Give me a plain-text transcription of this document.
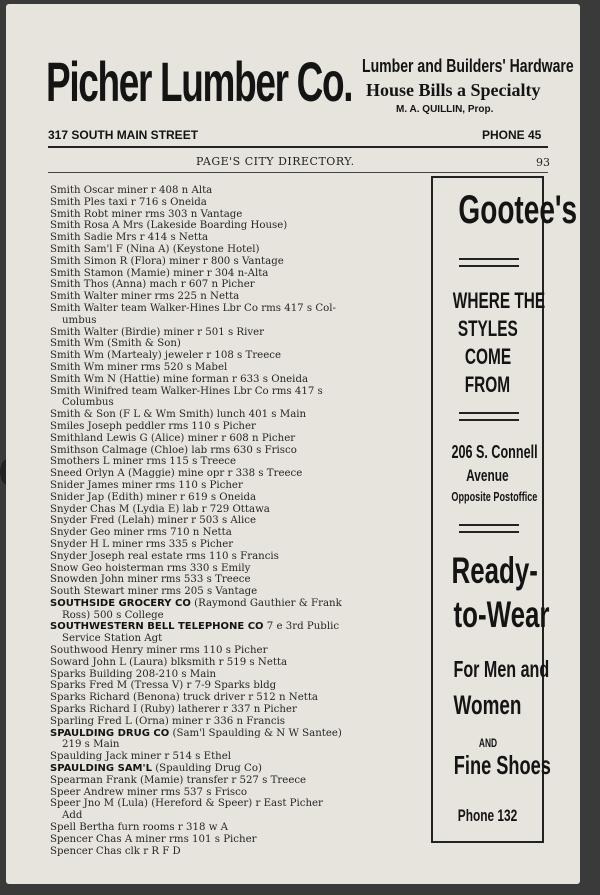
Picher Lumber Co. Lumber and Builders' Hardware
House Bills a Specialty
M. A. QUILLIN, Prop.
317 SOUTH MAIN STREET	PHONE 45
PAGE'S CITY DIRECTORY.	93
Smith Oscar miner r 408 n Alta
Smith Ples taxi r 716 s Oneida
Smith Robt miner rms 303 n Vantage
Smith Rosa A Mrs (Lakeside Boarding House)
Smith Sadie Mrs r 414 s Netta
Smith Sam'l F (Nina A) (Keystone Hotel)
Smith Simon R (Flora) miner r 800 s Vantage
Smith Stamon (Mamie) miner r 304 n-Alta
Smith Thos (Anna) mach r 607 n Picher
Smith Walter miner rms 225 n Netta
Smith Walter team Walker-Hines Lbr Co rms 417 s Col-
umbus
Smith Walter (Birdie) miner r 501 s River
Smith Wm (Smith & Son)
Smith Wm (Martealy) jeweler r 108 s Treece
Smith Wm miner rms 520 s Mabel
Smith Wm N (Hattie) mine forman r 633 s Oneida
Smith Winifred team Walker-Hines Lbr Co rms 417 s
Columbus
Smith & Son (F L & Wm Smith) lunch 401 s Main
Smiles Joseph peddler rms 110 s Picher
Smithland Lewis G (Alice) miner r 608 n Picher
Smithson Calmage (Chloe) lab rms 630 s Frisco
Smothers L miner rms 115 s Treece
Sneed Orlyn A (Maggie) mine opr r 338 s Treece
Snider James miner rms 110 s Picher
Snider Jap (Edith) miner r 619 s Oneida
Snyder Chas M (Lydia E) lab r 729 Ottawa
Snyder Fred (Lelah) miner r 503 s Alice
Snyder Geo miner rms 710 n Netta
Snyder H L miner rms 335 s Picher
Snyder Joseph real estate rms 110 s Francis
Snow Geo hoisterman rms 330 s Emily
Snowden John miner rms 533 s Treece
South Stewart miner rms 205 s Vantage
SOUTHSIDE GROCERY CO (Raymond Gauthier & Frank
Ross) 500 s College
SOUTHWESTERN BELL TELEPHONE CO 7 e 3rd Public
Service Station Agt
Southwood Henry miner rms 110 s Picher
Soward John L (Laura) blksmith r 519 s Netta
Sparks Building 208-210 s Main
Sparks Fred M (Tressa V) r 7-9 Sparks bldg
Sparks Richard (Benona) truck driver r 512 n Netta
Sparks Richard I (Ruby) latherer r 337 n Picher
Sparling Fred L (Orna) miner r 336 n Francis
SPAULDING DRUG CO (Sam'l Spaulding & N W Santee)
219 s Main
Spaulding Jack miner r 514 s Ethel
SPAULDING SAM'L (Spaulding Drug Co)
Spearman Frank (Mamie) transfer r 527 s Treece
Speer Andrew miner rms 537 s Frisco
Speer Jno M (Lula) (Hereford & Speer) r East Picher
Add
Spell Bertha furn rooms r 318 w A
Spencer Chas A miner rms 101 s Picher
Spencer Chas clk r R F D
Gootee's
WHERE THE
STYLES
COME
FROM
206 S. Connell
Avenue
Opposite Postoffice
Ready-
to-Wear
For Men and
Women
AND
Fine Shoes
Phone 132
